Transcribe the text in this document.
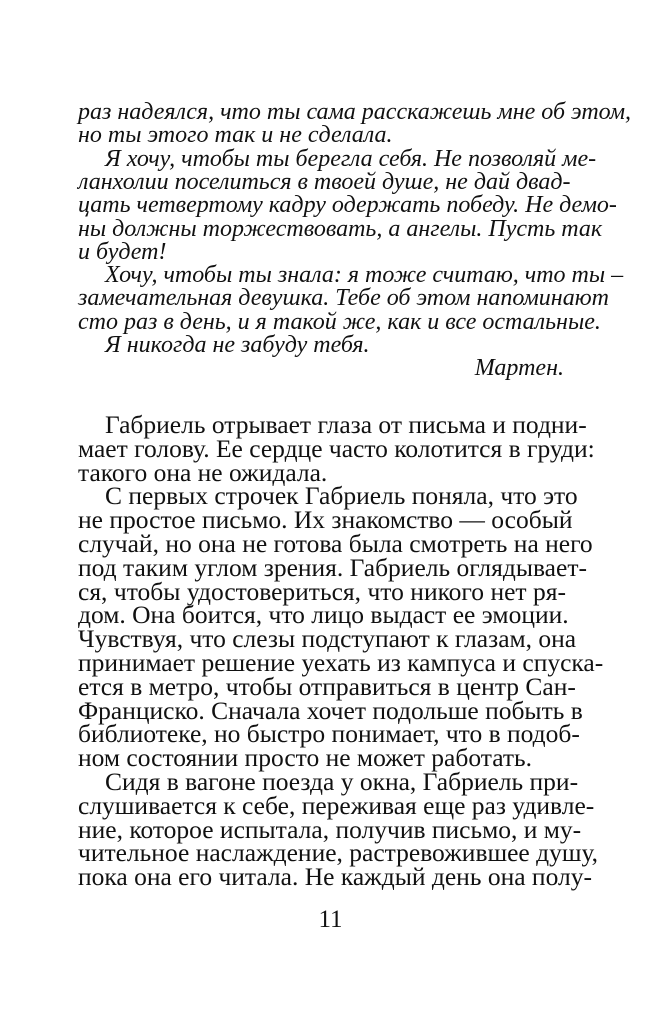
раз надеялся, что ты сама расскажешь мне об этом,
но ты этого так и не сделала.
Я хочу, чтобы ты берегла себя. Не позволяй ме-
ланхолии поселиться в твоей душе, не дай двад-
цать четвертому кадру одержать победу. Не демо-
ны должны торжествовать, а ангелы. Пусть так
и будет!
Хочу, чтобы ты знала: я тоже считаю, что ты –
замечательная девушка. Тебе об этом напоминают
сто раз в день, и я такой же, как и все остальные.
Я никогда не забуду тебя.
Мартен.
Габриель отрывает глаза от письма и подни-
мает голову. Ее сердце часто колотится в груди:
такого она не ожидала.
С первых строчек Габриель поняла, что это
не простое письмо. Их знакомство — особый
случай, но она не готова была смотреть на него
под таким углом зрения. Габриель оглядывает-
ся, чтобы удостовериться, что никого нет ря-
дом. Она боится, что лицо выдаст ее эмоции.
Чувствуя, что слезы подступают к глазам, она
принимает решение уехать из кампуса и спуска-
ется в метро, чтобы отправиться в центр Сан-
Франциско. Сначала хочет подольше побыть в
библиотеке, но быстро понимает, что в подоб-
ном состоянии просто не может работать.
Сидя в вагоне поезда у окна, Габриель при-
слушивается к себе, переживая еще раз удивле-
ние, которое испытала, получив письмо, и му-
чительное наслаждение, растревожившее душу,
пока она его читала. Не каждый день она полу-
11
